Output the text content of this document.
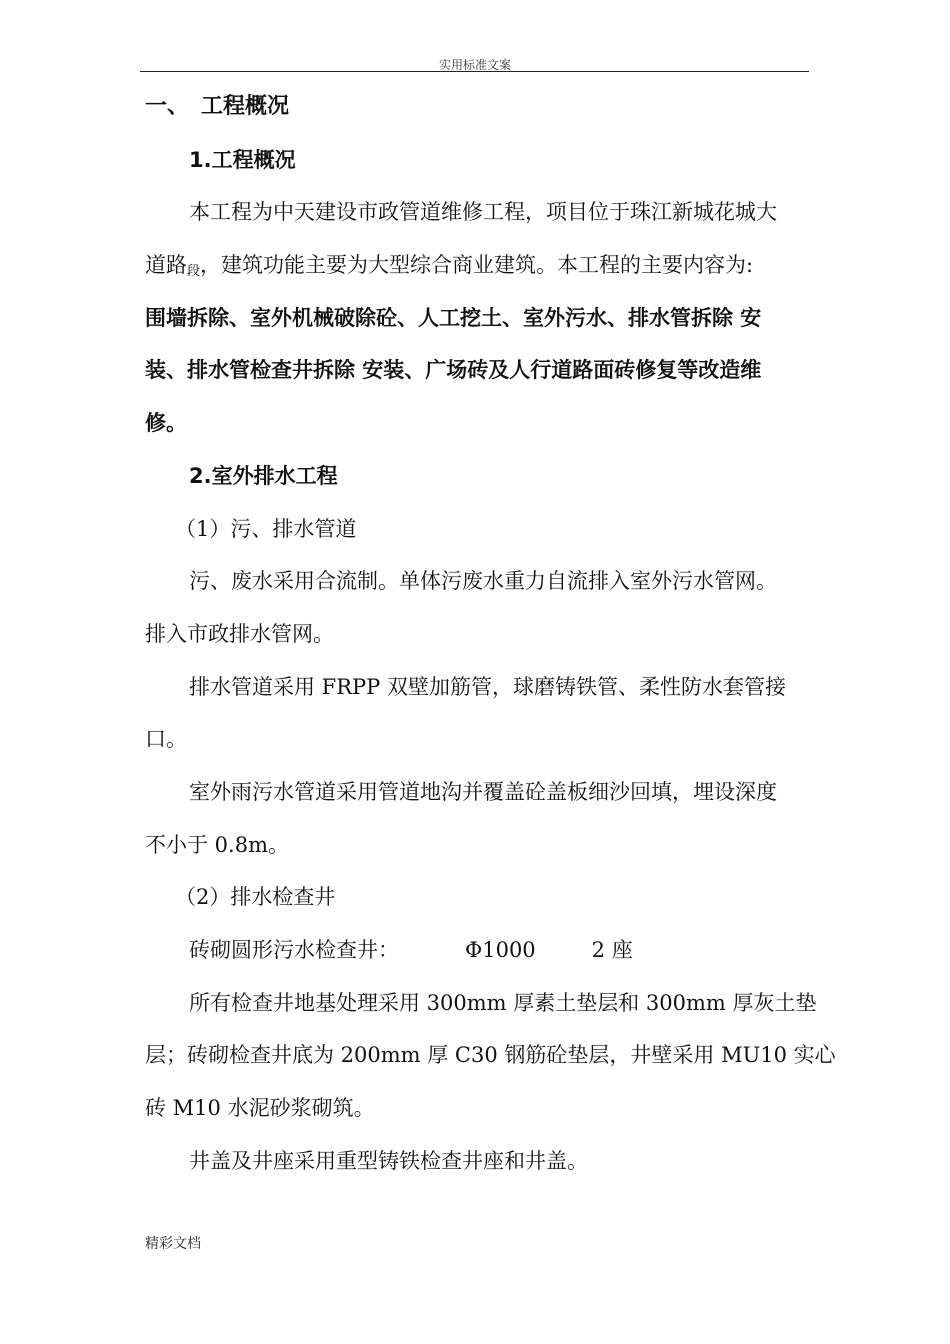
实用标准文案
一、 工程概况
1.工程概况
本工程为中天建设市政管道维修工程，项目位于珠江新城花城大
道路$_段$，建筑功能主要为大型综合商业建筑。本工程的主要内容为:
围墙拆除、室外机械破除砼、人工挖土、室外污水、排水管拆除 安
装、排水管检查井拆除 安装、广场砖及人行道路面砖修复等改造维
修。
2.室外排水工程
（1）污、排水管道
污、废水采用合流制。单体污废水重力自流排入室外污水管网。
排入市政排水管网。
排水管道采用 FRPP 双壁加筋管，球磨铸铁管、柔性防水套管接
口。
室外雨污水管道采用管道地沟并覆盖砼盖板细沙回填，埋设深度
不小于 0.8m。
（2）排水检查井
砖砌圆形污水检查井：	Φ1000	2 座
所有检查井地基处理采用 300mm 厚素土垫层和 300mm 厚灰土垫
层；砖砌检查井底为 200mm 厚 C30 钢筋砼垫层，井壁采用 MU10 实心
砖 M10 水泥砂浆砌筑。
井盖及井座采用重型铸铁检查井座和井盖。
精彩文档
